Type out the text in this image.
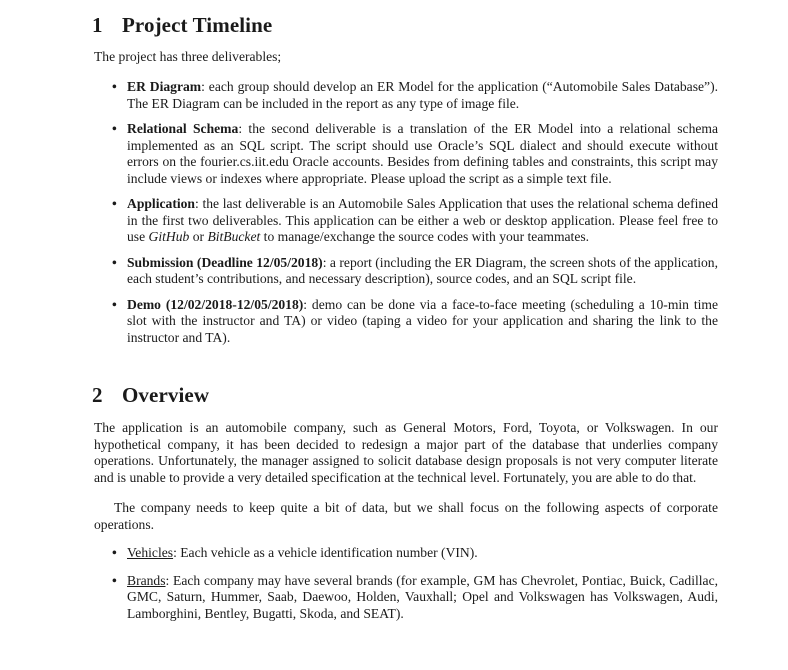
1 Project Timeline

The project has three deliverables;

• ER Diagram: each group should develop an ER Model for the application (“Automobile Sales Database”). The ER Diagram can be included in the report as any type of image file.
• Relational Schema: the second deliverable is a translation of the ER Model into a relational schema implemented as an SQL script. The script should use Oracle’s SQL dialect and should execute without errors on the fourier.cs.iit.edu Oracle accounts. Besides from defining tables and constraints, this script may include views or indexes where appropriate. Please upload the script as a simple text file.
• Application: the last deliverable is an Automobile Sales Application that uses the relational schema defined in the first two deliverables. This application can be either a web or desktop application. Please feel free to use GitHub or BitBucket to manage/exchange the source codes with your teammates.
• Submission (Deadline 12/05/2018): a report (including the ER Diagram, the screen shots of the application, each student’s contributions, and necessary description), source codes, and an SQL script file.
• Demo (12/02/2018-12/05/2018): demo can be done via a face-to-face meeting (scheduling a 10-min time slot with the instructor and TA) or video (taping a video for your application and sharing the link to the instructor and TA).
2 Overview

The application is an automobile company, such as General Motors, Ford, Toyota, or Volkswagen. In our hypothetical company, it has been decided to redesign a major part of the database that underlies company operations. Unfortunately, the manager assigned to solicit database design proposals is not very computer literate and is unable to provide a very detailed specification at the technical level. Fortunately, you are able to do that.

The company needs to keep quite a bit of data, but we shall focus on the following aspects of corporate operations.

• Vehicles: Each vehicle as a vehicle identification number (VIN).
• Brands: Each company may have several brands (for example, GM has Chevrolet, Pontiac, Buick, Cadillac, GMC, Saturn, Hummer, Saab, Daewoo, Holden, Vauxhall; Opel and Volkswagen has Volkswagen, Audi, Lamborghini, Bentley, Bugatti, Skoda, and SEAT).
